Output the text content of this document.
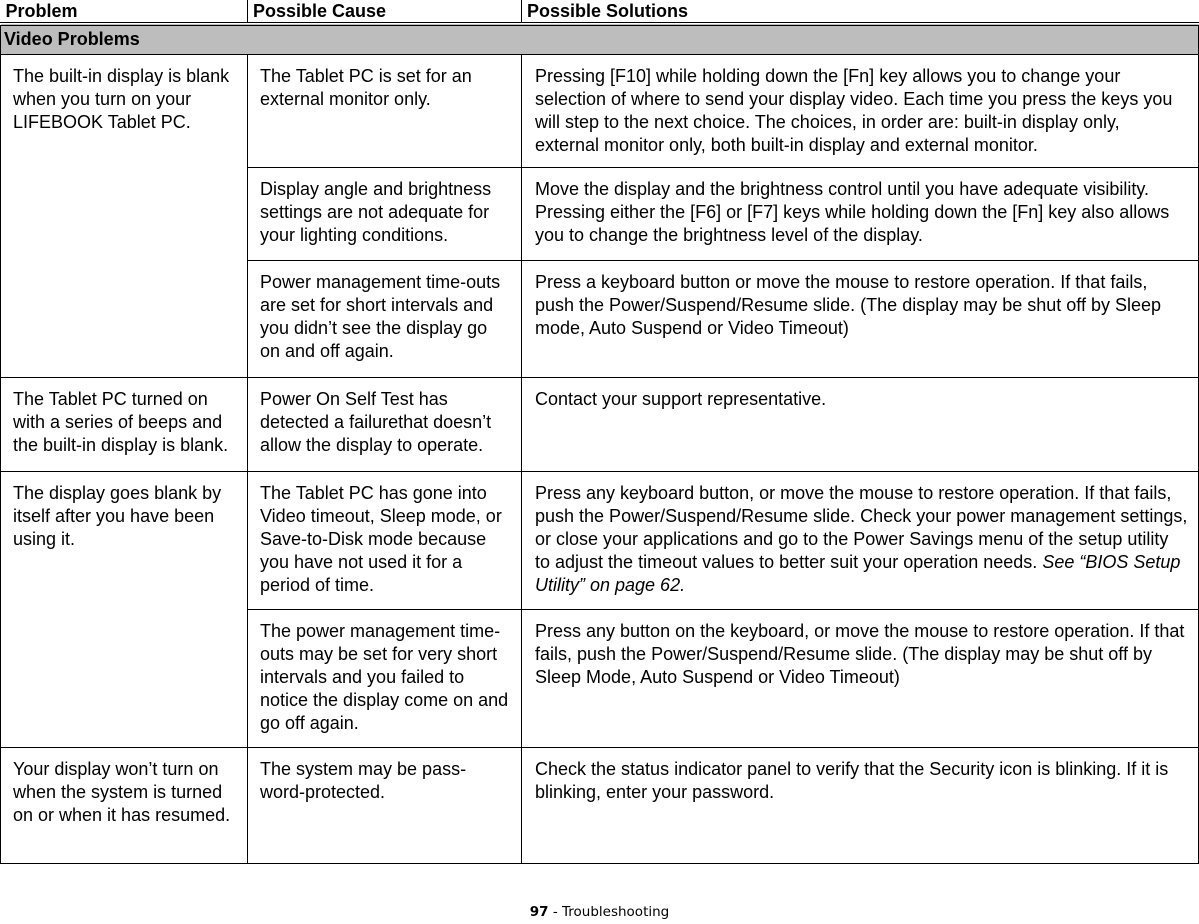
Problem	Possible Cause	Possible Solutions
Video Problems		
The built-in display is blank when you turn on your LIFEBOOK Tablet PC.	The Tablet PC is set for an external monitor only.	Pressing [F10] while holding down the [Fn] key allows you to change your selection of where to send your display video. Each time you press the keys you will step to the next choice. The choices, in order are: built-in display only, external monitor only, both built-in display and external monitor.
	Display angle and brightness settings are not adequate for your lighting conditions.	Move the display and the brightness control until you have adequate visibility. Pressing either the [F6] or [F7] keys while holding down the [Fn] key also allows you to change the brightness level of the display.
	Power management time-outs are set for short intervals and you didn’t see the display go on and off again.	Press a keyboard button or move the mouse to restore operation. If that fails, push the Power/Suspend/Resume slide. (The display may be shut off by Sleep mode, Auto Suspend or Video Timeout)
The Tablet PC turned on with a series of beeps and the built-in display is blank.	Power On Self Test has detected a failurethat doesn’t allow the display to operate.	Contact your support representative.
The display goes blank by itself after you have been using it.	The Tablet PC has gone into Video timeout, Sleep mode, or Save-to-Disk mode because you have not used it for a period of time.	Press any keyboard button, or move the mouse to restore operation. If that fails, push the Power/Suspend/Resume slide. Check your power management settings, or close your applications and go to the Power Savings menu of the setup utility to adjust the timeout values to better suit your operation needs. See “BIOS Setup Utility” on page 62.
	The power management time-outs may be set for very short intervals and you failed to notice the display come on and go off again.	Press any button on the keyboard, or move the mouse to restore operation. If that fails, push the Power/Suspend/Resume slide. (The display may be shut off by Sleep Mode, Auto Suspend or Video Timeout)
Your display won’t turn on when the system is turned on or when it has resumed.	The system may be pass-word-protected.	Check the status indicator panel to verify that the Security icon is blinking. If it is blinking, enter your password.
97 - Troubleshooting
